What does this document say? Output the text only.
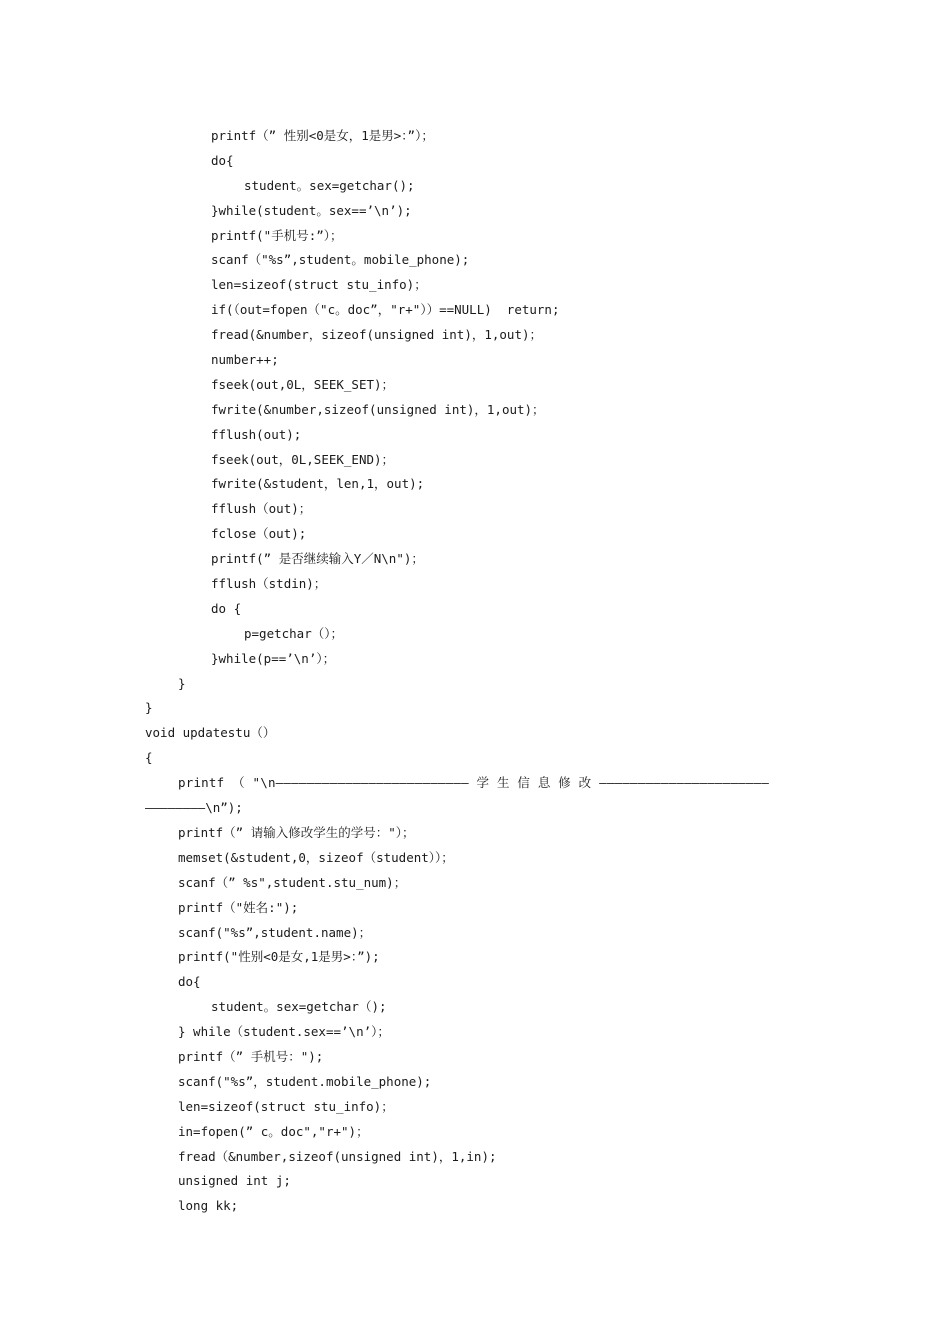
printf（” 性别<0是女，1是男>：”）；
do{
student。sex=getchar();
}while(student。sex==’\n’);
printf("手机号:”）；
scanf（"%s”,student。mobile_phone);
len=sizeof(struct stu_info)；
if(（out=fopen（"c。doc”，"r+"））==NULL)  return;
fread(&number，sizeof(unsigned int)，1,out)；
number++;
fseek(out,0L，SEEK_SET)；
fwrite(&number,sizeof(unsigned int)，1,out)；
fflush(out);
fseek(out，0L,SEEK_END)；
fwrite(&student，len,1，out);
fflush（out)；
fclose（out);
printf(” 是否继续输入Y／N\n")；
fflush（stdin)；
do {
p=getchar（）；
}while(p==’\n’）；
}
}
void updatestu（）
{
printf （ "\n————————————————————————— 学 生 信 息 修 改 ——————————————————————
————————\n”);
printf（” 请输入修改学生的学号："）；
memset(&student,0，sizeof（student））；
scanf（” %s",student.stu_num)；
printf（"姓名:");
scanf("%s”,student.name)；
printf("性别<0是女,1是男>：”);
do{
student。sex=getchar（);
} while（student.sex==’\n’）；
printf（” 手机号：");
scanf("%s”，student.mobile_phone);
len=sizeof(struct stu_info)；
in=fopen(” c。doc","r+")；
fread（&number,sizeof(unsigned int)，1,in);
unsigned int j;
long kk;
